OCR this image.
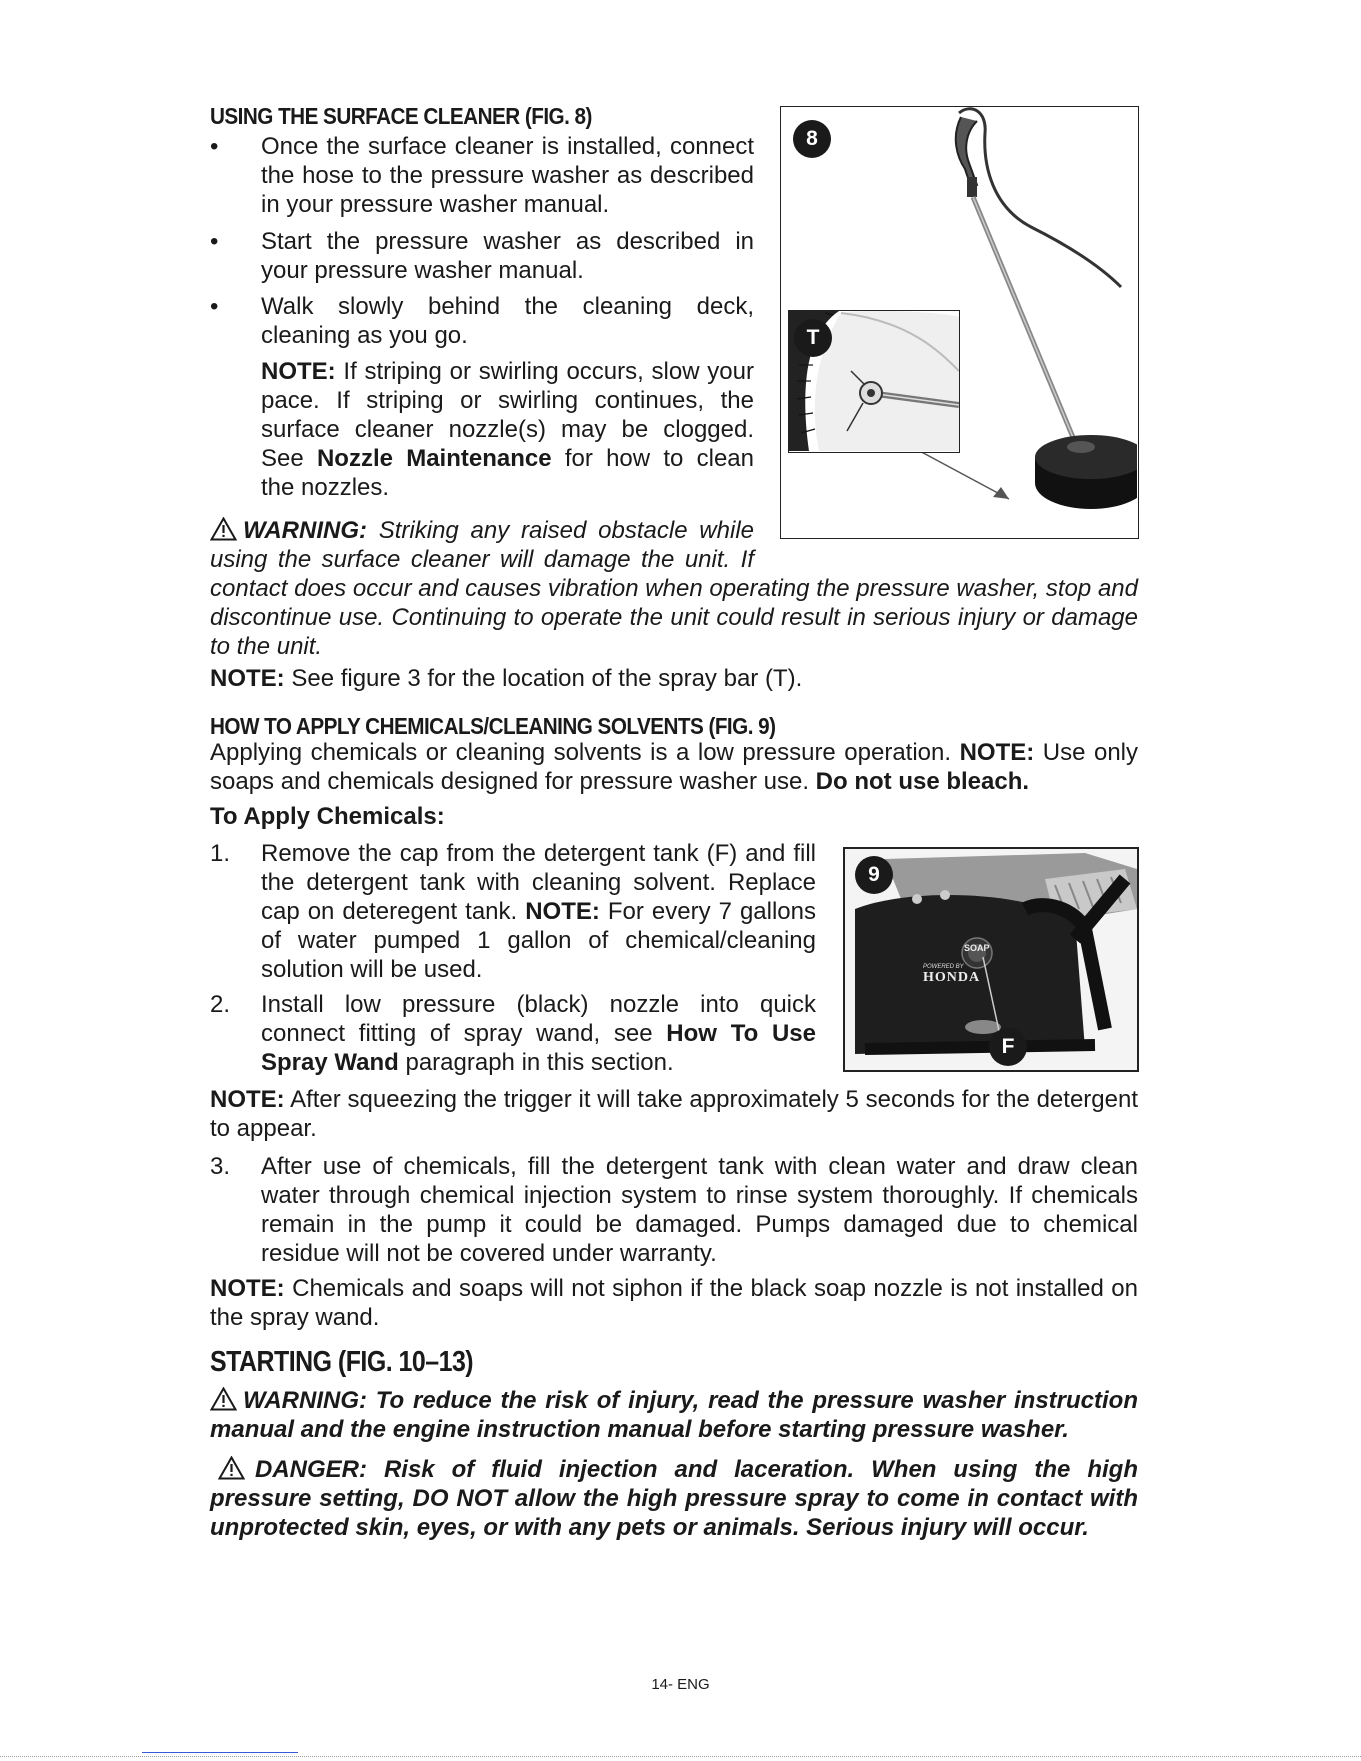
USING THE SURFACE CLEANER (FIG. 8)
• Once the surface cleaner is installed, connect the hose to the pressure washer as described in your pressure washer manual.
• Start the pressure washer as described in your pressure washer manual.
• Walk slowly behind the cleaning deck, cleaning as you go.
NOTE: If striping or swirling occurs, slow your pace. If striping or swirling continues, the surface cleaner nozzle(s) may be clogged. See Nozzle Maintenance for how to clean the nozzles.
WARNING: Striking any raised obstacle while using the surface cleaner will damage the unit. If contact does occur and causes vibration when operating the pressure washer, stop and discontinue use. Continuing to operate the unit could result in serious injury or damage to the unit.
NOTE: See figure 3 for the location of the spray bar (T).
8
T
HOW TO APPLY CHEMICALS/CLEANING SOLVENTS (FIG. 9)
Applying chemicals or cleaning solvents is a low pressure operation. NOTE: Use only soaps and chemicals designed for pressure washer use. Do not use bleach.
To Apply Chemicals:
1. Remove the cap from the detergent tank (F) and fill the detergent tank with cleaning solvent. Replace cap on deteregent tank. NOTE: For every 7 gallons of water pumped 1 gallon of chemical/cleaning solution will be used.
2. Install low pressure (black) nozzle into quick connect fitting of spray wand, see How To Use Spray Wand paragraph in this section.
NOTE: After squeezing the trigger it will take approximately 5 seconds for the detergent to appear.
3. After use of chemicals, fill the detergent tank with clean water and draw clean water through chemical injection system to rinse system thoroughly. If chemicals remain in the pump it could be damaged. Pumps damaged due to chemical residue will not be covered under warranty.
NOTE: Chemicals and soaps will not siphon if the black soap nozzle is not installed on the spray wand.
SOAP
POWERED BY
HONDA
9
F
STARTING (FIG. 10–13)
WARNING: To reduce the risk of injury, read the pressure washer instruction manual and the engine instruction manual before starting pressure washer.
DANGER: Risk of fluid injection and laceration. When using the high pressure setting, DO NOT allow the high pressure spray to come in contact with unprotected skin, eyes, or with any pets or animals. Serious injury will occur.
14- ENG
